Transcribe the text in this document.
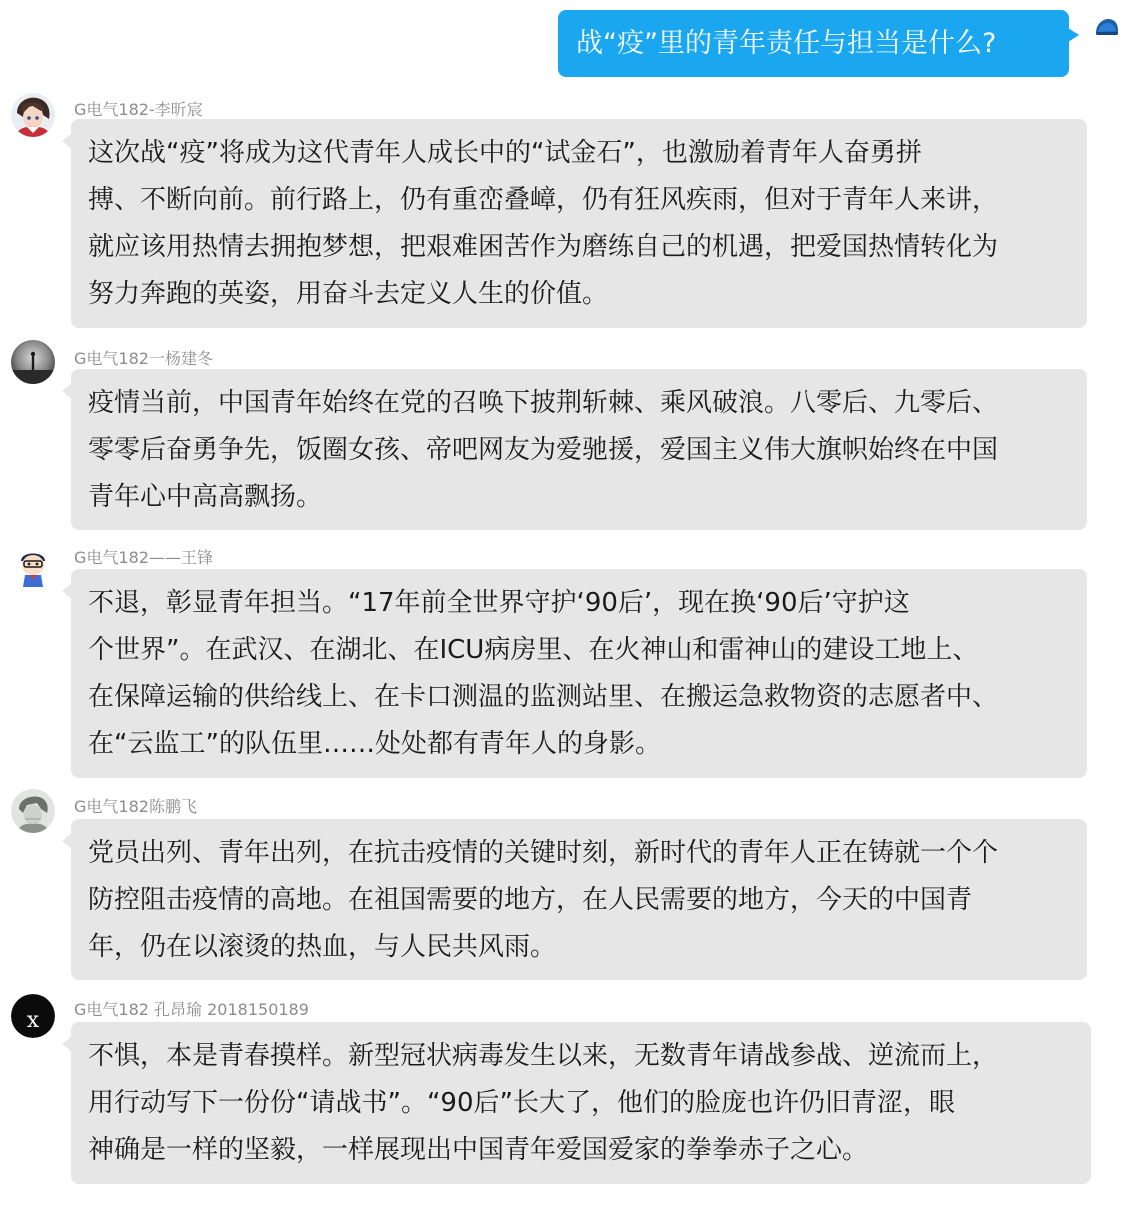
战“疫”里的青年责任与担当是什么?
G电气182-李昕宸
这次战“疫”将成为这代青年人成长中的“试金石”，也激励着青年人奋勇拼
搏、不断向前。前行路上，仍有重峦叠嶂，仍有狂风疾雨，但对于青年人来讲，
就应该用热情去拥抱梦想，把艰难困苦作为磨练自己的机遇，把爱国热情转化为
努力奔跑的英姿，用奋斗去定义人生的价值。
G电气182一杨建冬
疫情当前，中国青年始终在党的召唤下披荆斩棘、乘风破浪。八零后、九零后、
零零后奋勇争先，饭圈女孩、帝吧网友为爱驰援，爱国主义伟大旗帜始终在中国
青年心中高高飘扬。
G电气182——王锋
不退，彰显青年担当。“17年前全世界守护‘90后’，现在换‘90后’守护这
个世界”。在武汉、在湖北、在ICU病房里、在火神山和雷神山的建设工地上、
在保障运输的供给线上、在卡口测温的监测站里、在搬运急救物资的志愿者中、
在“云监工”的队伍里……处处都有青年人的身影。
G电气182陈鹏飞
党员出列、青年出列，在抗击疫情的关键时刻，新时代的青年人正在铸就一个个
防控阻击疫情的高地。在祖国需要的地方，在人民需要的地方，今天的中国青
年，仍在以滚烫的热血，与人民共风雨。
x G电气182 孔昂瑜 2018150189
不惧，本是青春摸样。新型冠状病毒发生以来，无数青年请战参战、逆流而上，
用行动写下一份份“请战书”。“90后”长大了，他们的脸庞也许仍旧青涩，眼
神确是一样的坚毅，一样展现出中国青年爱国爱家的拳拳赤子之心。
